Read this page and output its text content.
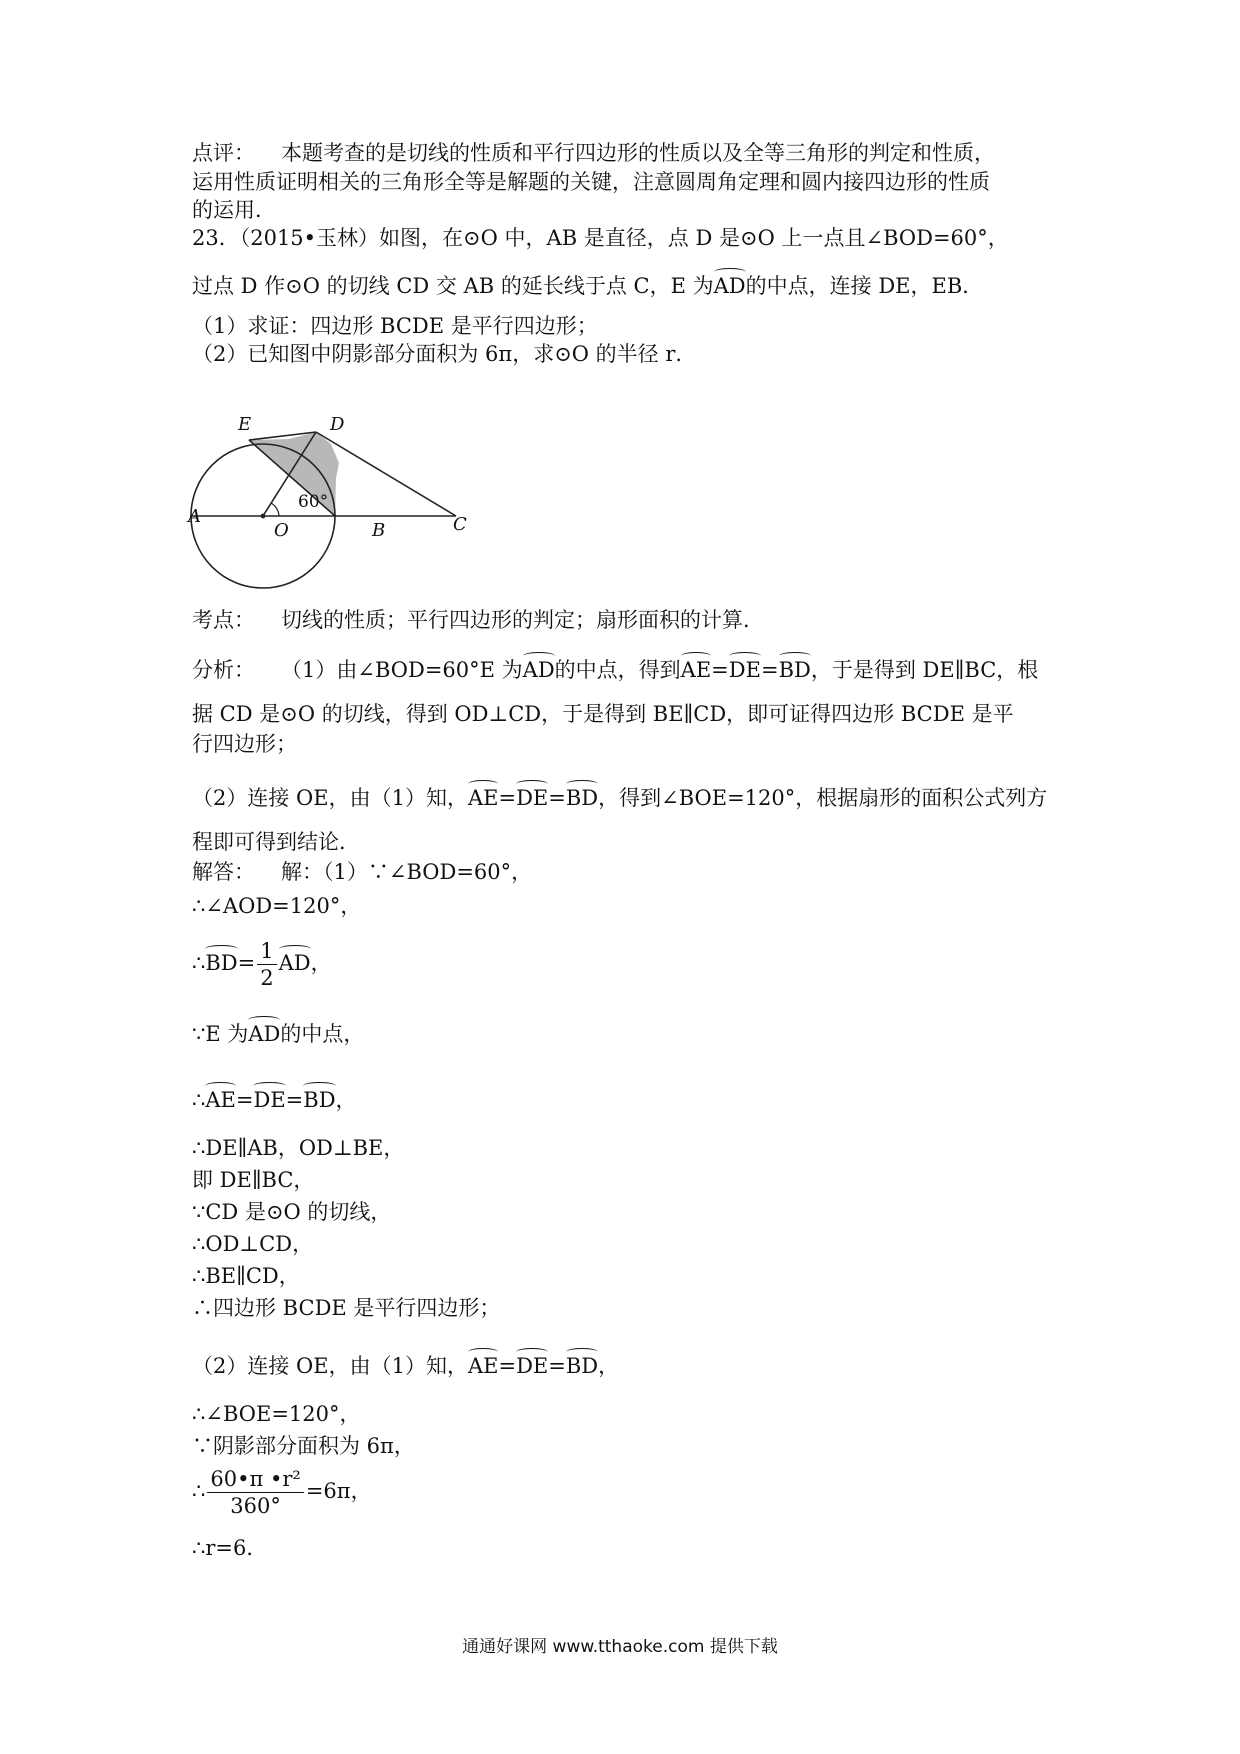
点评： 本题考查的是切线的性质和平行四边形的性质以及全等三角形的判定和性质，
运用性质证明相关的三角形全等是解题的关键，注意圆周角定理和圆内接四边形的性质
的运用．
23．（2015•玉林）如图，在⊙O 中，AB 是直径，点 D 是⊙O 上一点且∠BOD=60°，
过点 D 作⊙O 的切线 CD 交 AB 的延长线于点 C，E 为AD的中点，连接 DE，EB．
（1）求证：四边形 BCDE 是平行四边形；
（2）已知图中阴影部分面积为 6π，求⊙O 的半径 r．
E	D
A
O	B	C
60°
考点： 切线的性质；平行四边形的判定；扇形面积的计算．
分析： （1）由∠BOD=60°E 为AD的中点，得到AE=DE=BD，于是得到 DE∥BC，根
据 CD 是⊙O 的切线，得到 OD⊥CD，于是得到 BE∥CD，即可证得四边形 BCDE 是平
行四边形；
（2）连接 OE，由（1）知，AE=DE=BD，得到∠BOE=120°，根据扇形的面积公式列方
程即可得到结论．
解答： 解：（1）∵∠BOD=60°，
∴∠AOD=120°，
∴BD= $\frac{1}{2}$ AD，
∵E 为AD的中点，
∴AE=DE=BD，
∴DE∥AB，OD⊥BE，
即 DE∥BC，
∵CD 是⊙O 的切线，
∴OD⊥CD，
∴BE∥CD，
∴四边形 BCDE 是平行四边形；
（2）连接 OE，由（1）知，AE=DE=BD，
∴∠BOE=120°，
∵阴影部分面积为 6π，
∴ $\frac{\text{60•π •r²}}{360^\circ} =6\pi$，
∴r=6．
通通好课网 www.tthaoke.com 提供下载
